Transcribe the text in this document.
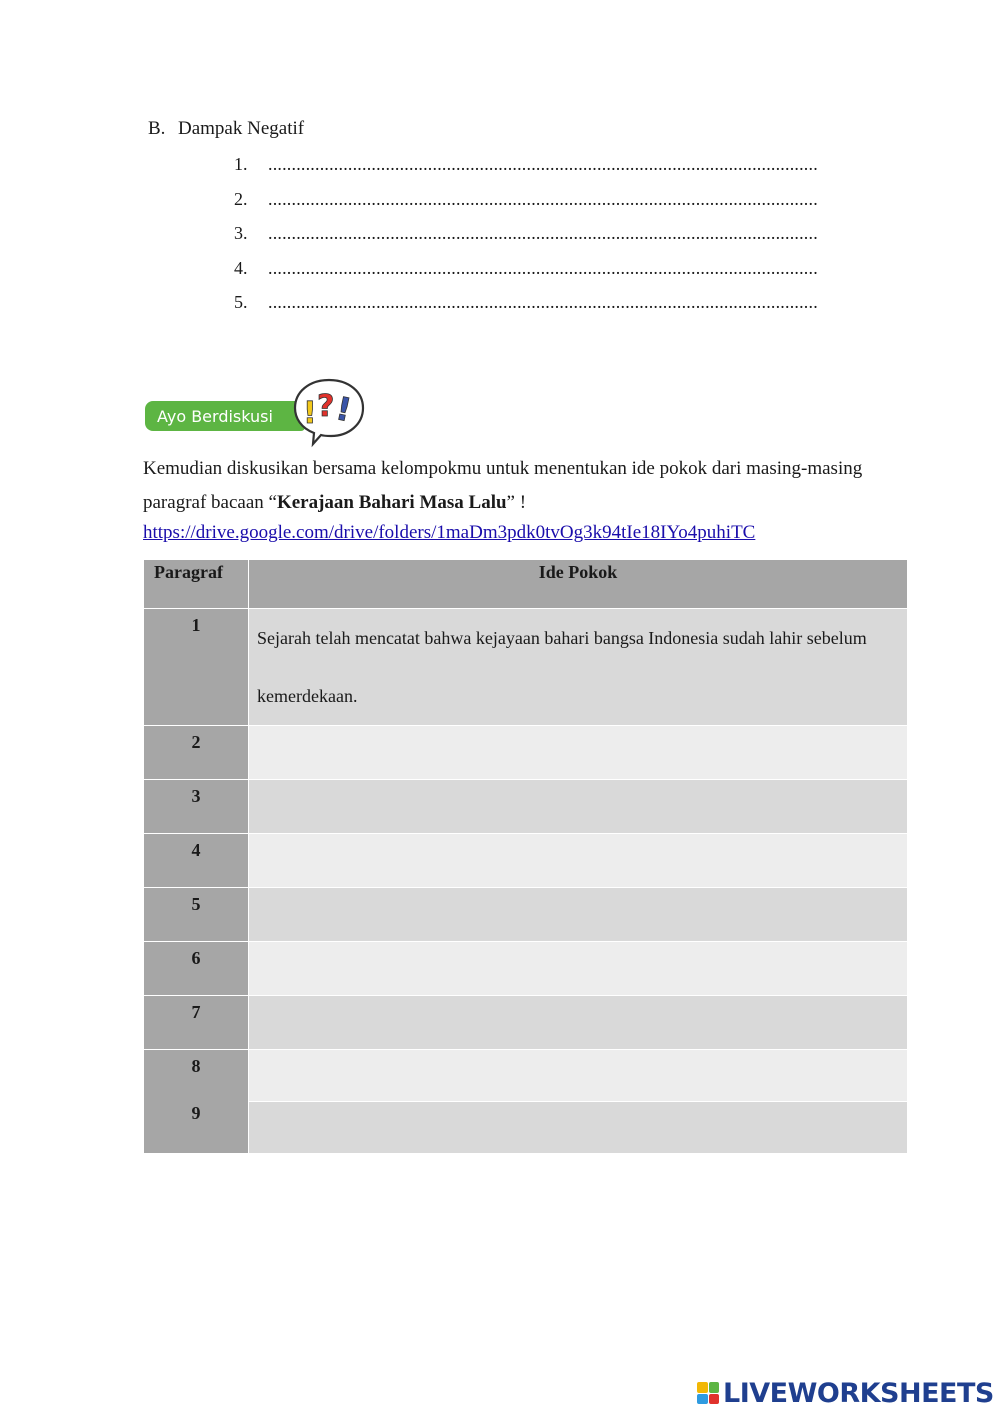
B. Dampak Negatif
1.	.....................................................................................................................
2.	.....................................................................................................................
3.	.....................................................................................................................
4.	.....................................................................................................................
5.	.....................................................................................................................
Ayo Berdiskusi	! ?
!
Kemudian diskusikan bersama kelompokmu untuk menentukan ide pokok dari masing-masing
paragraf bacaan “Kerajaan Bahari Masa Lalu” !
https://drive.google.com/drive/folders/1maDm3pdk0tvOg3k94tIe18IYo4puhiTC
Paragraf	Ide Pokok
1	Sejarah telah mencatat bahwa kejayaan bahari bangsa Indonesia sudah lahir sebelum kemerdekaan.
2	
3	
4	
5	
6	
7	

8
9	

LIVEWORKSHEETS
